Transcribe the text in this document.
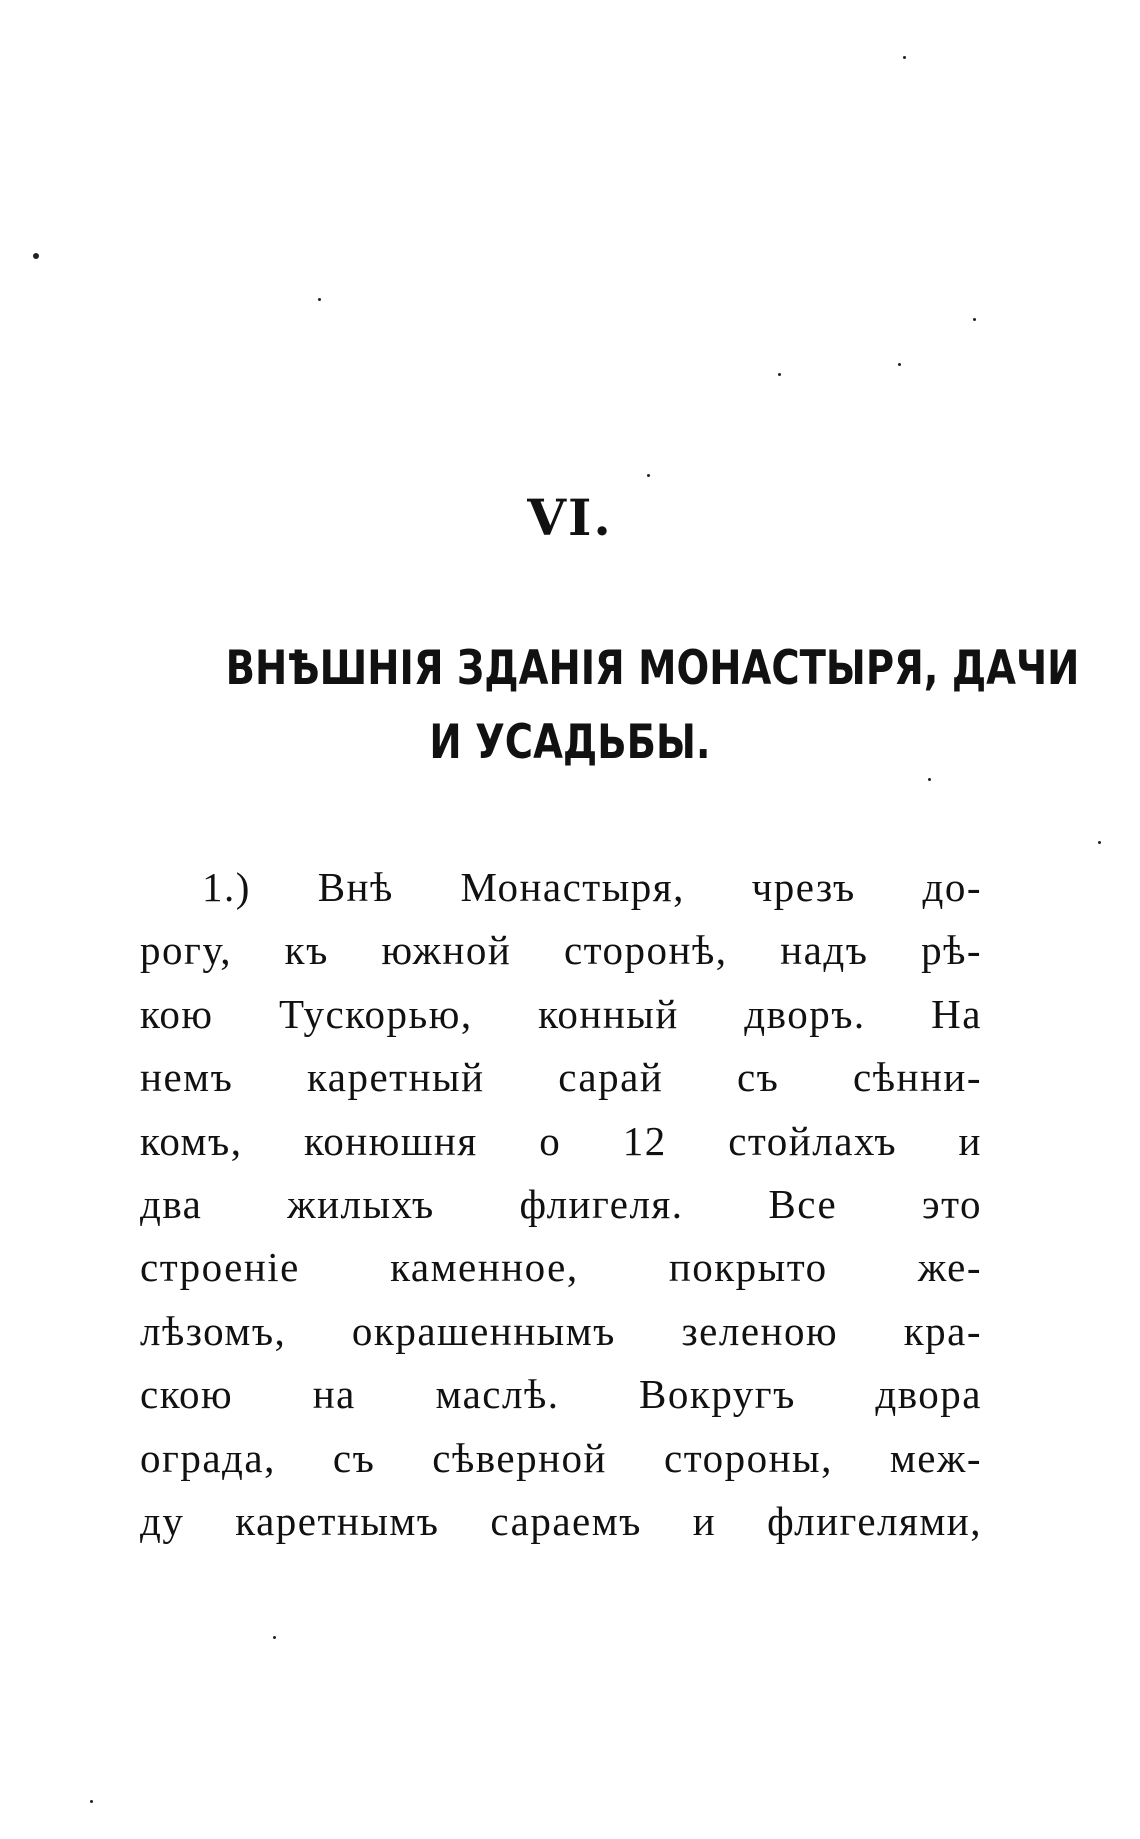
VI.
ВНѢШНІЯ ЗДАНІЯ МОНАСТЫРЯ, ДАЧИ
И УСАДЬБЫ.
1.) Внѣ Монастыря, чрезъ до-
рогу, къ южной сторонѣ, надъ рѣ-
кою Тускорью, конный дворъ. На
немъ каретный сарай съ сѣнни-
комъ, конюшня о 12 стойлахъ и
два жилыхъ флигеля. Все это
строеніе каменное, покрыто же-
лѣзомъ, окрашеннымъ зеленою кра-
скою на маслѣ. Вокругъ двора
ограда, съ сѣверной стороны, меж-
ду каретнымъ сараемъ и флигелями,
